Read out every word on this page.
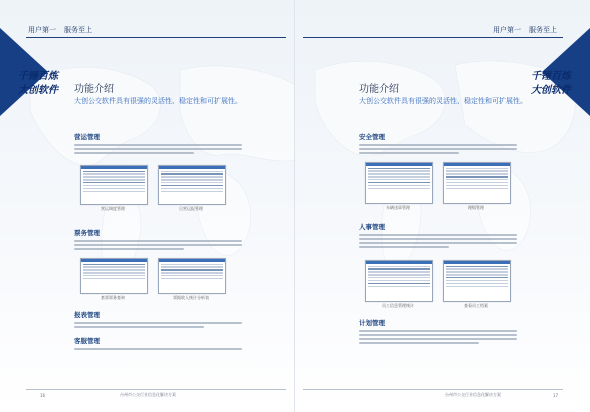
千锤百炼
大创软件
用户第一 服务至上
功能介绍
大创公交软件具有很强的灵活性、稳定性和可扩展性。
营运管理
营运调度管理	日营运报管理
票务管理
套票票务查询	票据收入统计分析表
报表管理
客服管理
16	台州市公交行业信息化解决方案
千锤百炼
大创软件
用户第一 服务至上
功能介绍
大创公交软件具有很强的灵活性、稳定性和可扩展性。
安全管理
车辆违章管理	理赔管理
人事管理
员工信息管理统计	查看员工档案
计划管理
台州市公交行业信息化解决方案	17
